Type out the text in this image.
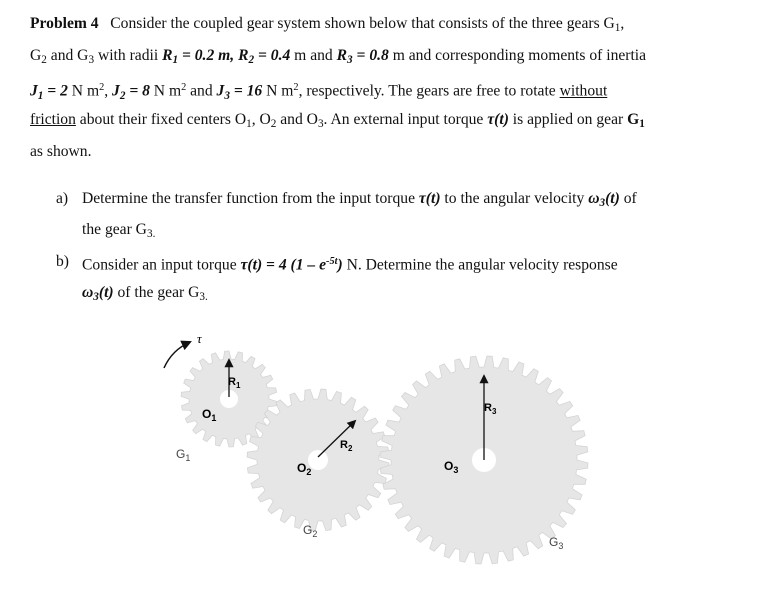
Problem 4 Consider the coupled gear system shown below that consists of the three gears $G_1$,
$G_2$ and $G_3$ with radii $R_1 = 0.2$ m, $R_2 = 0.4$ m and $R_3 = 0.8$ m and corresponding moments of inertia
$J_1 = 2$ N $m^2$, $J_2 = 8$ N $m^2$ and $J_3 = 16$ N $m^2$, respectively. The gears are free to rotate without
friction about their fixed centers $O_1$, $O_2$ and $O_3$. An external input torque τ(t) is applied on gear $G_1$
as shown.
a) Determine the transfer function from the input torque τ(t) to the angular velocity $\omega_3(t)$ of
the gear $G_{3.}$
b) Consider an input torque τ(t) = 4 $(1 - e^{-5t})$ N. Determine the angular velocity response
$\omega_3(t)$ of the gear $G_{3.}$
τ
$R_1$
$R_2$
$R_3$
$O_1$
$O_2$	$O_3$
$G_1$
$G_2$
$G_3$
